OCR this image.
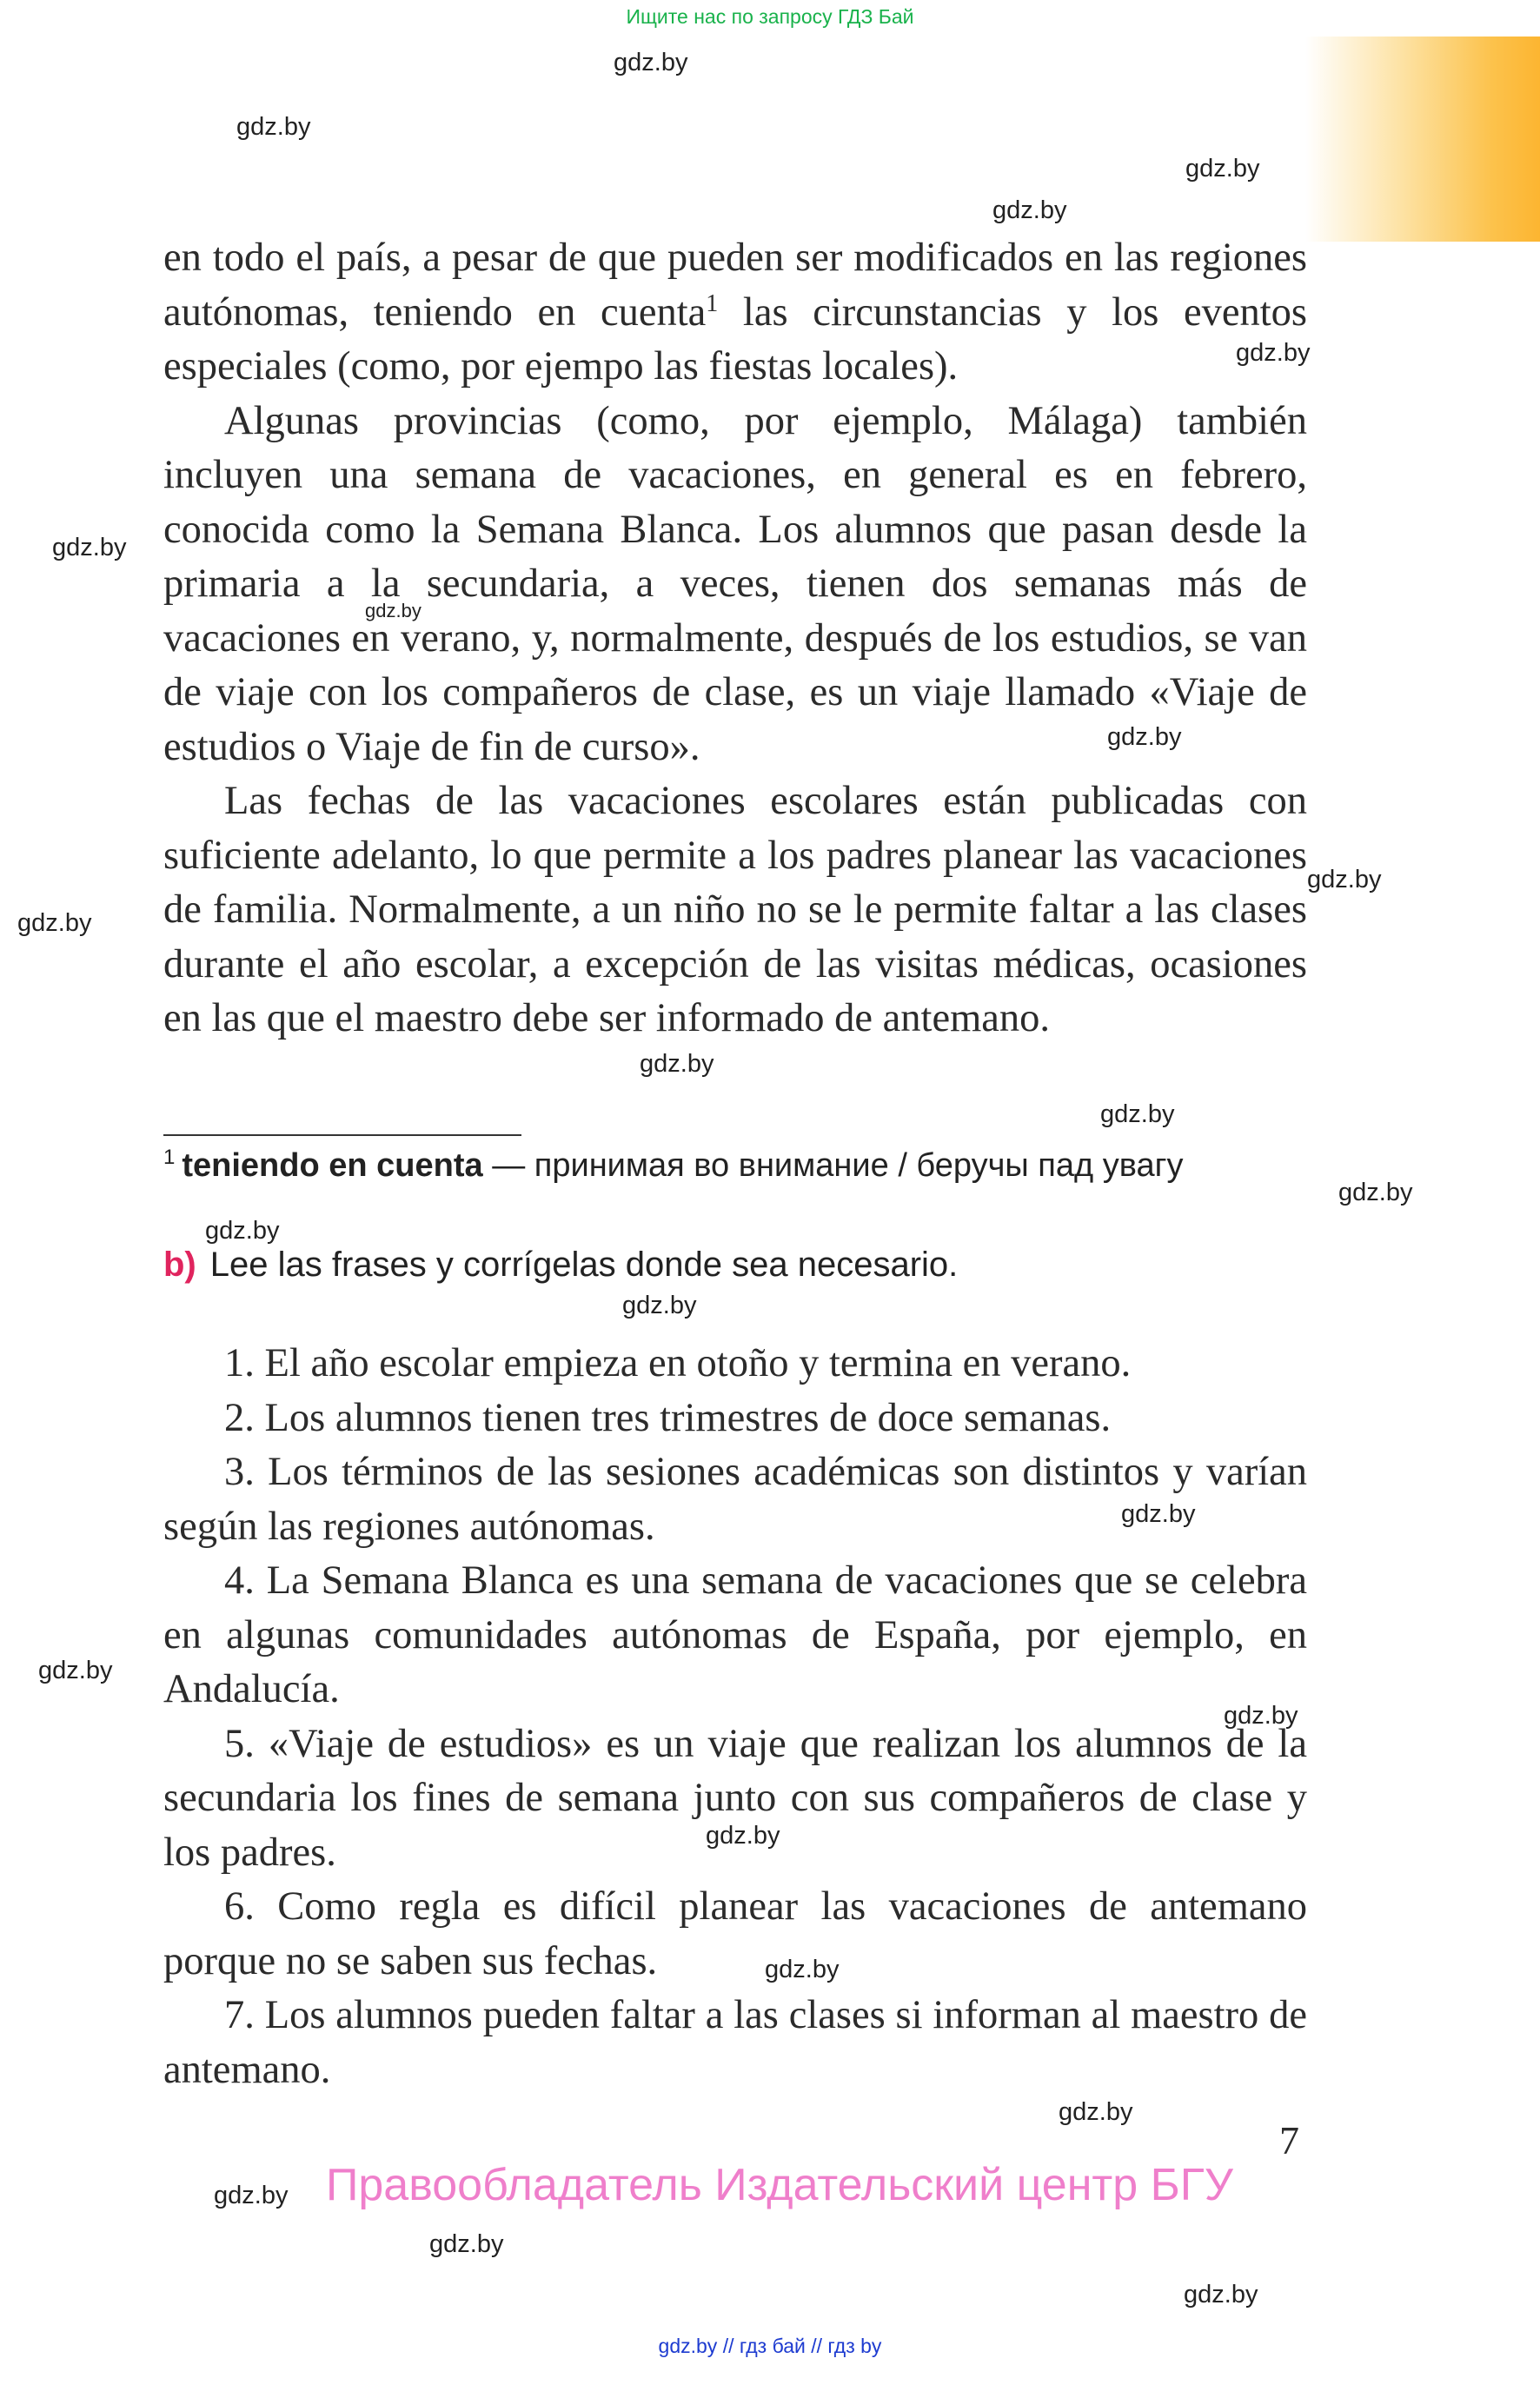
Ищите нас по запросу ГДЗ Бай
gdz.by
gdz.by
gdz.by
gdz.by
gdz.by
gdz.by
gdz.by
gdz.by
gdz.by
gdz.by
gdz.by
gdz.by
gdz.by
gdz.by
gdz.by
gdz.by
gdz.by
gdz.by
gdz.by
gdz.by
gdz.by
gdz.by
gdz.by
gdz.by

en todo el país, a pesar de que pueden ser modificados en las regiones autónomas, teniendo en cuenta$^1$ las circunstancias y los eventos especiales (como, por ejempo las fiestas locales).

Algunas provincias (como, por ejemplo, Málaga) también incluyen una semana de vacaciones, en general es en febrero, conocida como la Semana Blanca. Los alumnos que pasan desde la primaria a la secundaria, a veces, tienen dos semanas más de vacaciones en verano, y, normalmente, después de los estudios, se van de viaje con los compañeros de clase, es un viaje llamado «Viaje de estudios o Viaje de fin de curso».

Las fechas de las vacaciones escolares están publicadas con suficiente adelanto, lo que permite a los padres planear las vacaciones de familia. Normalmente, a un niño no se le permite faltar a las clases durante el año escolar, a excepción de las visitas médicas, ocasiones en las que el maestro debe ser informado de antemano.

$^1$ teniendo en cuenta — принимая во внимание / беручы пад увагу
b) Lee las frases y corrígelas donde sea necesario.

1. El año escolar empieza en otoño y termina en verano.

2. Los alumnos tienen tres trimestres de doce semanas.

3. Los términos de las sesiones académicas son distintos y varían según las regiones autónomas.

4. La Semana Blanca es una semana de vacaciones que se celebra en algunas comunidades autónomas de España, por ejemplo, en Andalucía.

5. «Viaje de estudios» es un viaje que realizan los alumnos de la secundaria los fines de semana junto con sus compañeros de clase y los padres.

6. Como regla es difícil planear las vacaciones de antemano porque no se saben sus fechas.

7. Los alumnos pueden faltar a las clases si informan al maestro de antemano.

7
Правообладатель Издательский центр БГУ
gdz.by // гдз бай // гдз by
